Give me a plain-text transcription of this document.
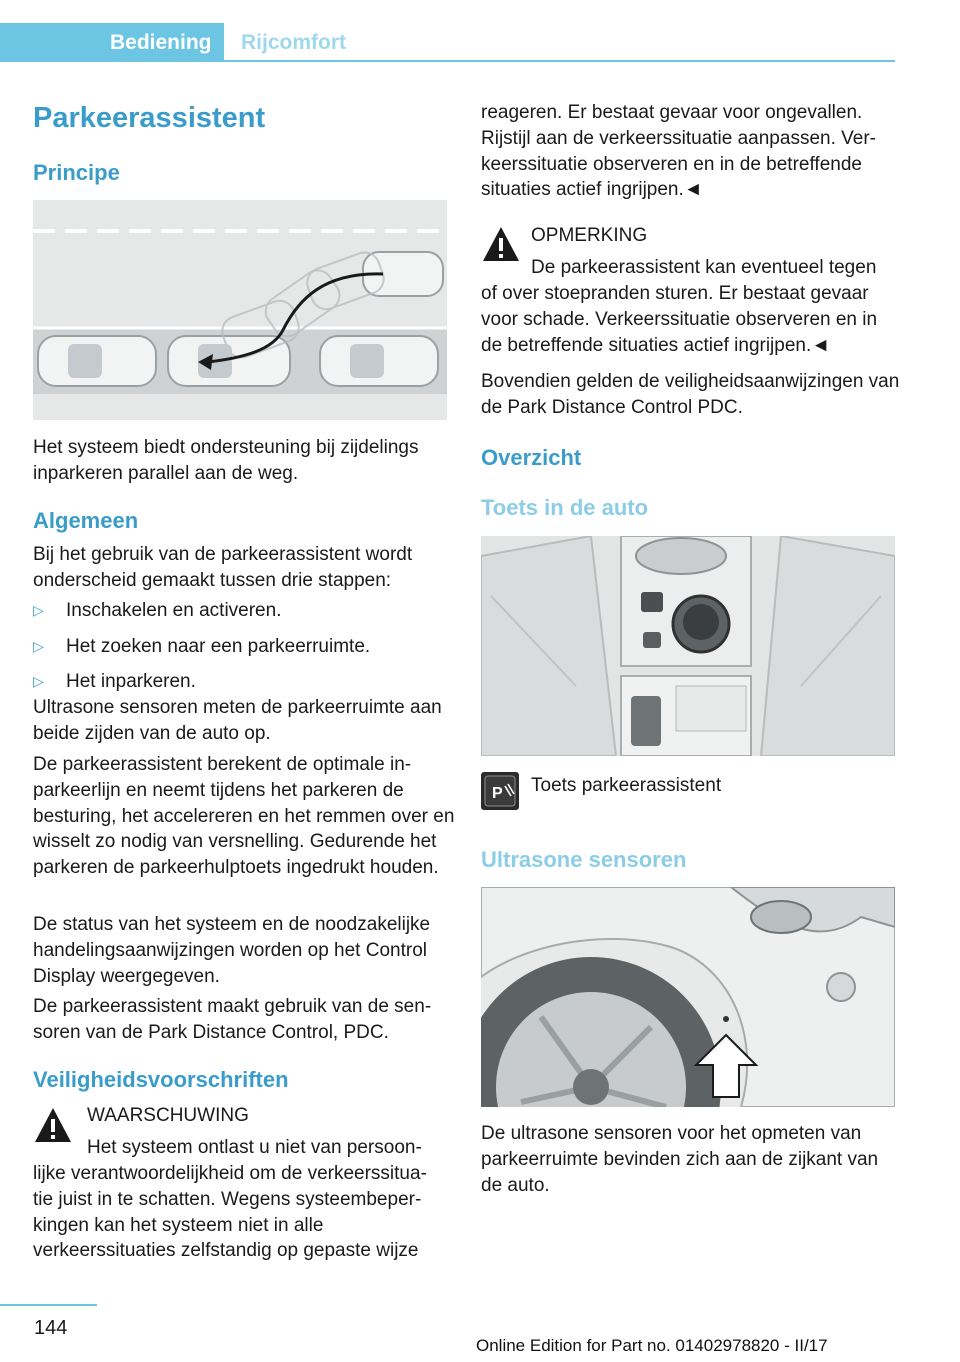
Bediening	Rijcomfort
Parkeerassistent
Principe
Het systeem biedt ondersteuning bij zijdelings inparkeren parallel aan de weg.
Algemeen
Bij het gebruik van de parkeerassistent wordt onderscheid gemaakt tussen drie stappen:
▷ Inschakelen en activeren.
▷ Het zoeken naar een parkeerruimte.
▷ Het inparkeren.
Ultrasone sensoren meten de parkeerruimte aan beide zijden van de auto op.
De parkeerassistent berekent de optimale in-parkeerlijn en neemt tijdens het parkeren de besturing, het accelereren en het remmen over en wisselt zo nodig van versnelling. Gedurende het parkeren de parkeerhulptoets ingedrukt houden.
De status van het systeem en de noodzakelijke handelingsaanwijzingen worden op het Control Display weergegeven.
De parkeerassistent maakt gebruik van de sen-soren van de Park Distance Control, PDC.
Veiligheidsvoorschriften
WAARSCHUWING
Het systeem ontlast u niet van persoon-
lijke verantwoordelijkheid om de verkeerssitua-
tie juist in te schatten. Wegens systeembeper-
kingen kan het systeem niet in alle
verkeerssituaties zelfstandig op gepaste wijze
reageren. Er bestaat gevaar voor ongevallen. Rijstijl aan de verkeerssituatie aanpassen. Ver-keerssituatie observeren en in de betreffende situaties actief ingrijpen.◄
OPMERKING
De parkeerassistent kan eventueel tegen
of over stoepranden sturen. Er bestaat gevaar voor schade. Verkeerssituatie observeren en in de betreffende situaties actief ingrijpen.◄
Bovendien gelden de veiligheidsaanwijzingen van de Park Distance Control PDC.
Overzicht
Toets in de auto
P Toets parkeerassistent
Ultrasone sensoren
De ultrasone sensoren voor het opmeten van parkeerruimte bevinden zich aan de zijkant van de auto.
144
Online Edition for Part no. 01402978820 - II/17
